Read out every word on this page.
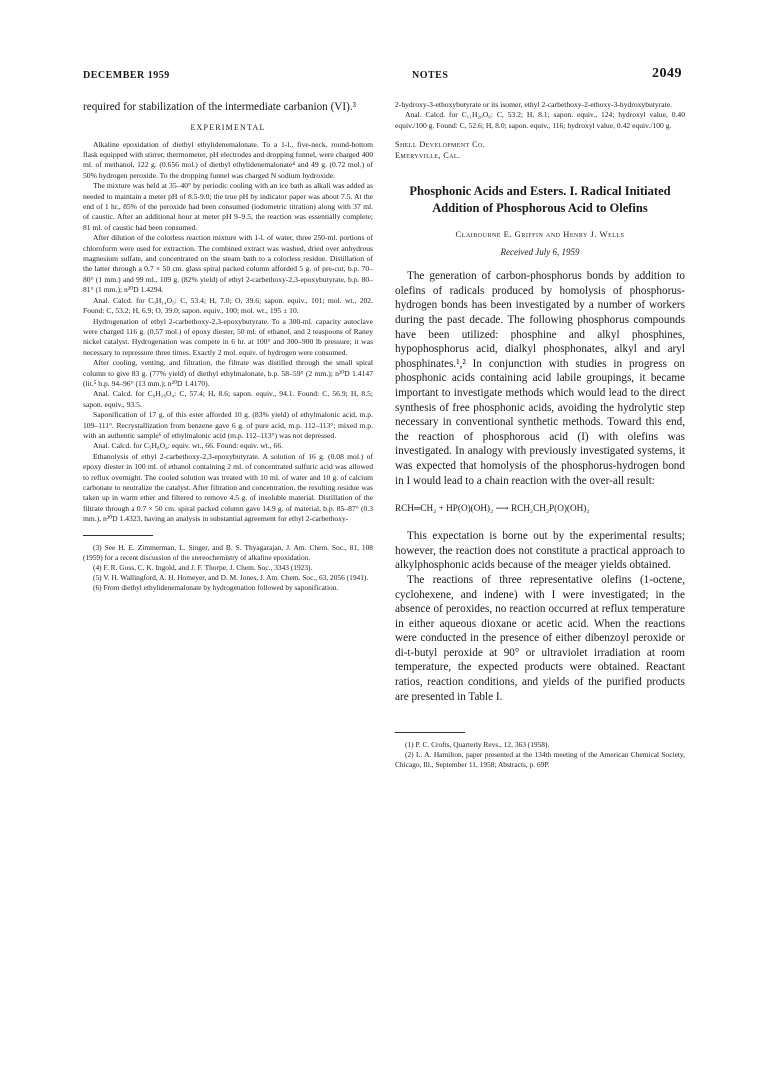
DECEMBER 1959	NOTES	2049

required for stabilization of the intermediate carbanion (VI).³

EXPERIMENTAL

Alkaline epoxidation of diethyl ethylidenemalonate. To a 1-l., five-neck, round-bottom flask equipped with stirrer, thermometer, pH electrodes and dropping funnel, were charged 400 ml. of methanol, 122 g. (0.656 mol.) of diethyl ethylidenemalonate⁴ and 49 g. (0.72 mol.) of 50% hydrogen peroxide. To the dropping funnel was charged N sodium hydroxide.

The mixture was held at 35–40° by periodic cooling with an ice bath as alkali was added as needed to maintain a meter pH of 8.5-9.0; the true pH by indicator paper was about 7.5. At the end of 1 hr., 85% of the peroxide had been consumed (iodometric titration) along with 37 ml. of caustic. After an additional hour at meter pH 9–9.5, the reaction was essentially complete; 81 ml. of caustic had been consumed.

After dilution of the colorless reaction mixture with 1-l. of water, three 250-ml. portions of chloroform were used for extraction. The combined extract was washed, dried over anhydrous magnesium sulfate, and concentrated on the steam bath to a colorless residue. Distillation of the latter through a 0.7 × 50 cm. glass spiral packed column afforded 5 g. of pre-cut, b.p. 70–80° (1 mm.) and 99 ml., 109 g. (82% yield) of ethyl 2-carbethoxy-2,3-epoxybutyrate, b.p. 80–81° (1 mm.); n²⁰D 1.4294.

Anal. Calcd. for C₉H₁₄O₅: C, 53.4; H, 7.0; O, 39.6; sapon. equiv., 101; mol. wt., 202. Found: C, 53.2; H, 6.9; O, 39.0; sapon. equiv., 100; mol. wt., 195 ± 10.

Hydrogenation of ethyl 2-carbethoxy-2,3-epoxybutyrate. To a 300-ml. capacity autoclave were charged 116 g. (0.57 mol.) of epoxy diester, 50 ml. of ethanol, and 2 teaspoons of Raney nickel catalyst. Hydrogenation was compete in 6 hr. at 100° and 300–900 lb pressure; it was necessary to repressure three times. Exactly 2 mol. equiv. of hydrogen were consumed.

After cooling, venting, and filtration, the filtrate was distilled through the small spiral column to give 83 g. (77% yield) of diethyl ethylmalonate, b.p. 58–59° (2 mm.); n²⁰D 1.4147 (lit.⁵ b.p. 94–96° (13 mm.); n²⁰D 1.4170).

Anal. Calcd. for C₉H₁₆O₄: C, 57.4; H, 8.6; sapon. equiv., 94.1. Found: C, 56.9; H, 8.5; sapon. equiv., 93.5.

Saponification of 17 g. of this ester afforded 10 g. (83% yield) of ethylmalonic acid, m.p. 109–111°. Recrystallization from benzene gave 6 g. of pure acid, m.p. 112–113°; mixed m.p. with an authentic sample⁶ of ethylmalonic acid (m.p. 112–113°) was not depressed.

Anal. Calcd. for C₅H₈O₄: equiv. wt., 66. Found: equiv. wt., 66.

Ethanolysis of ethyl 2-carbethoxy-2,3-epoxybutyrate. A solution of 16 g. (0.08 mol.) of epoxy diester in 100 ml. of ethanol containing 2 ml. of concentrated sulfuric acid was allowed to reflux overnight. The cooled solution was treated with 10 ml. of water and 10 g. of calcium carbonate to neutralize the catalyst. After filtration and concentration, the resulting residue was taken up in warm ether and filtered to remove 4.5 g. of insoluble material. Distillation of the filtrate through a 0.7 × 50 cm. spiral packed column gave 14.9 g. of material, b.p. 85–87° (0.3 mm.), n²⁰D 1.4323, having an analysis in substantial agreement for ethyl 2-carbethoxy-

(3) See H. E. Zimmerman, L. Singer, and B. S. Thyagarajan, J. Am. Chem. Soc., 81, 108 (1959) for a recent discussion of the stereochemistry of alkaline epoxidation.

(4) F. R. Goss, C. K. Ingold, and J. F. Thorpe, J. Chem. Soc., 3343 (1923).

(5) V. H. Wallingford, A. H. Homeyer, and D. M. Jones, J. Am. Chem. Soc., 63, 2056 (1941).

(6) From diethyl ethylidenemalonate by hydrogenation followed by saponification.

2-hydroxy-3-ethoxybutyrate or its isomer, ethyl 2-carbethoxy-2-ethoxy-3-hydroxybutyrate.

Anal. Calcd. for C₁₁H₂₀O₆: C, 53.2; H, 8.1; sapon. equiv., 124; hydroxyl value, 0.40 equiv./100 g. Found: C, 52.6; H, 8.0; sapon. equiv., 116; hydroxyl value, 0.42 equiv./100 g.

Shell Development Co.
Emeryville, Cal.

Phosphonic Acids and Esters. I. Radical Initiated Addition of Phosphorous Acid to Olefins

Claibourne E. Griffin and Henry J. Wells
Received July 6, 1959

The generation of carbon-phosphorus bonds by addition to olefins of radicals produced by homolysis of phosphorus-hydrogen bonds has been investigated by a number of workers during the past decade. The following phosphorus compounds have been utilized: phosphine and alkyl phosphines, hypophosphorus acid, dialkyl phosphonates, alkyl and aryl phosphinates.¹,² In conjunction with studies in progress on phosphonic acids containing acid labile groupings, it became important to investigate methods which would lead to the direct synthesis of free phosphonic acids, avoiding the hydrolytic step necessary in conventional synthetic methods. Toward this end, the reaction of phosphorous acid (I) with olefins was investigated. In analogy with previously investigated systems, it was expected that homolysis of the phosphorus-hydrogen bond in I would lead to a chain reaction with the over-all result:

RCH═CH₂ + HP(O)(OH)₂ ⟶ RCH₂CH₂P(O)(OH)₂

This expectation is borne out by the experimental results; however, the reaction does not constitute a practical approach to alkylphosphonic acids because of the meager yields obtained.

The reactions of three representative olefins (1-octene, cyclohexene, and indene) with I were investigated; in the absence of peroxides, no reaction occurred at reflux temperature in either aqueous dioxane or acetic acid. When the reactions were conducted in the presence of either dibenzoyl peroxide or di-t-butyl peroxide at 90° or ultraviolet irradiation at room temperature, the expected products were obtained. Reactant ratios, reaction conditions, and yields of the purified products are presented in Table I.

(1) P. C. Crofts, Quarterly Revs., 12, 363 (1958).

(2) L. A. Hamilton, paper presented at the 134th meeting of the American Chemical Society, Chicago, Ill., September 11, 1958; Abstracts, p. 69P.
